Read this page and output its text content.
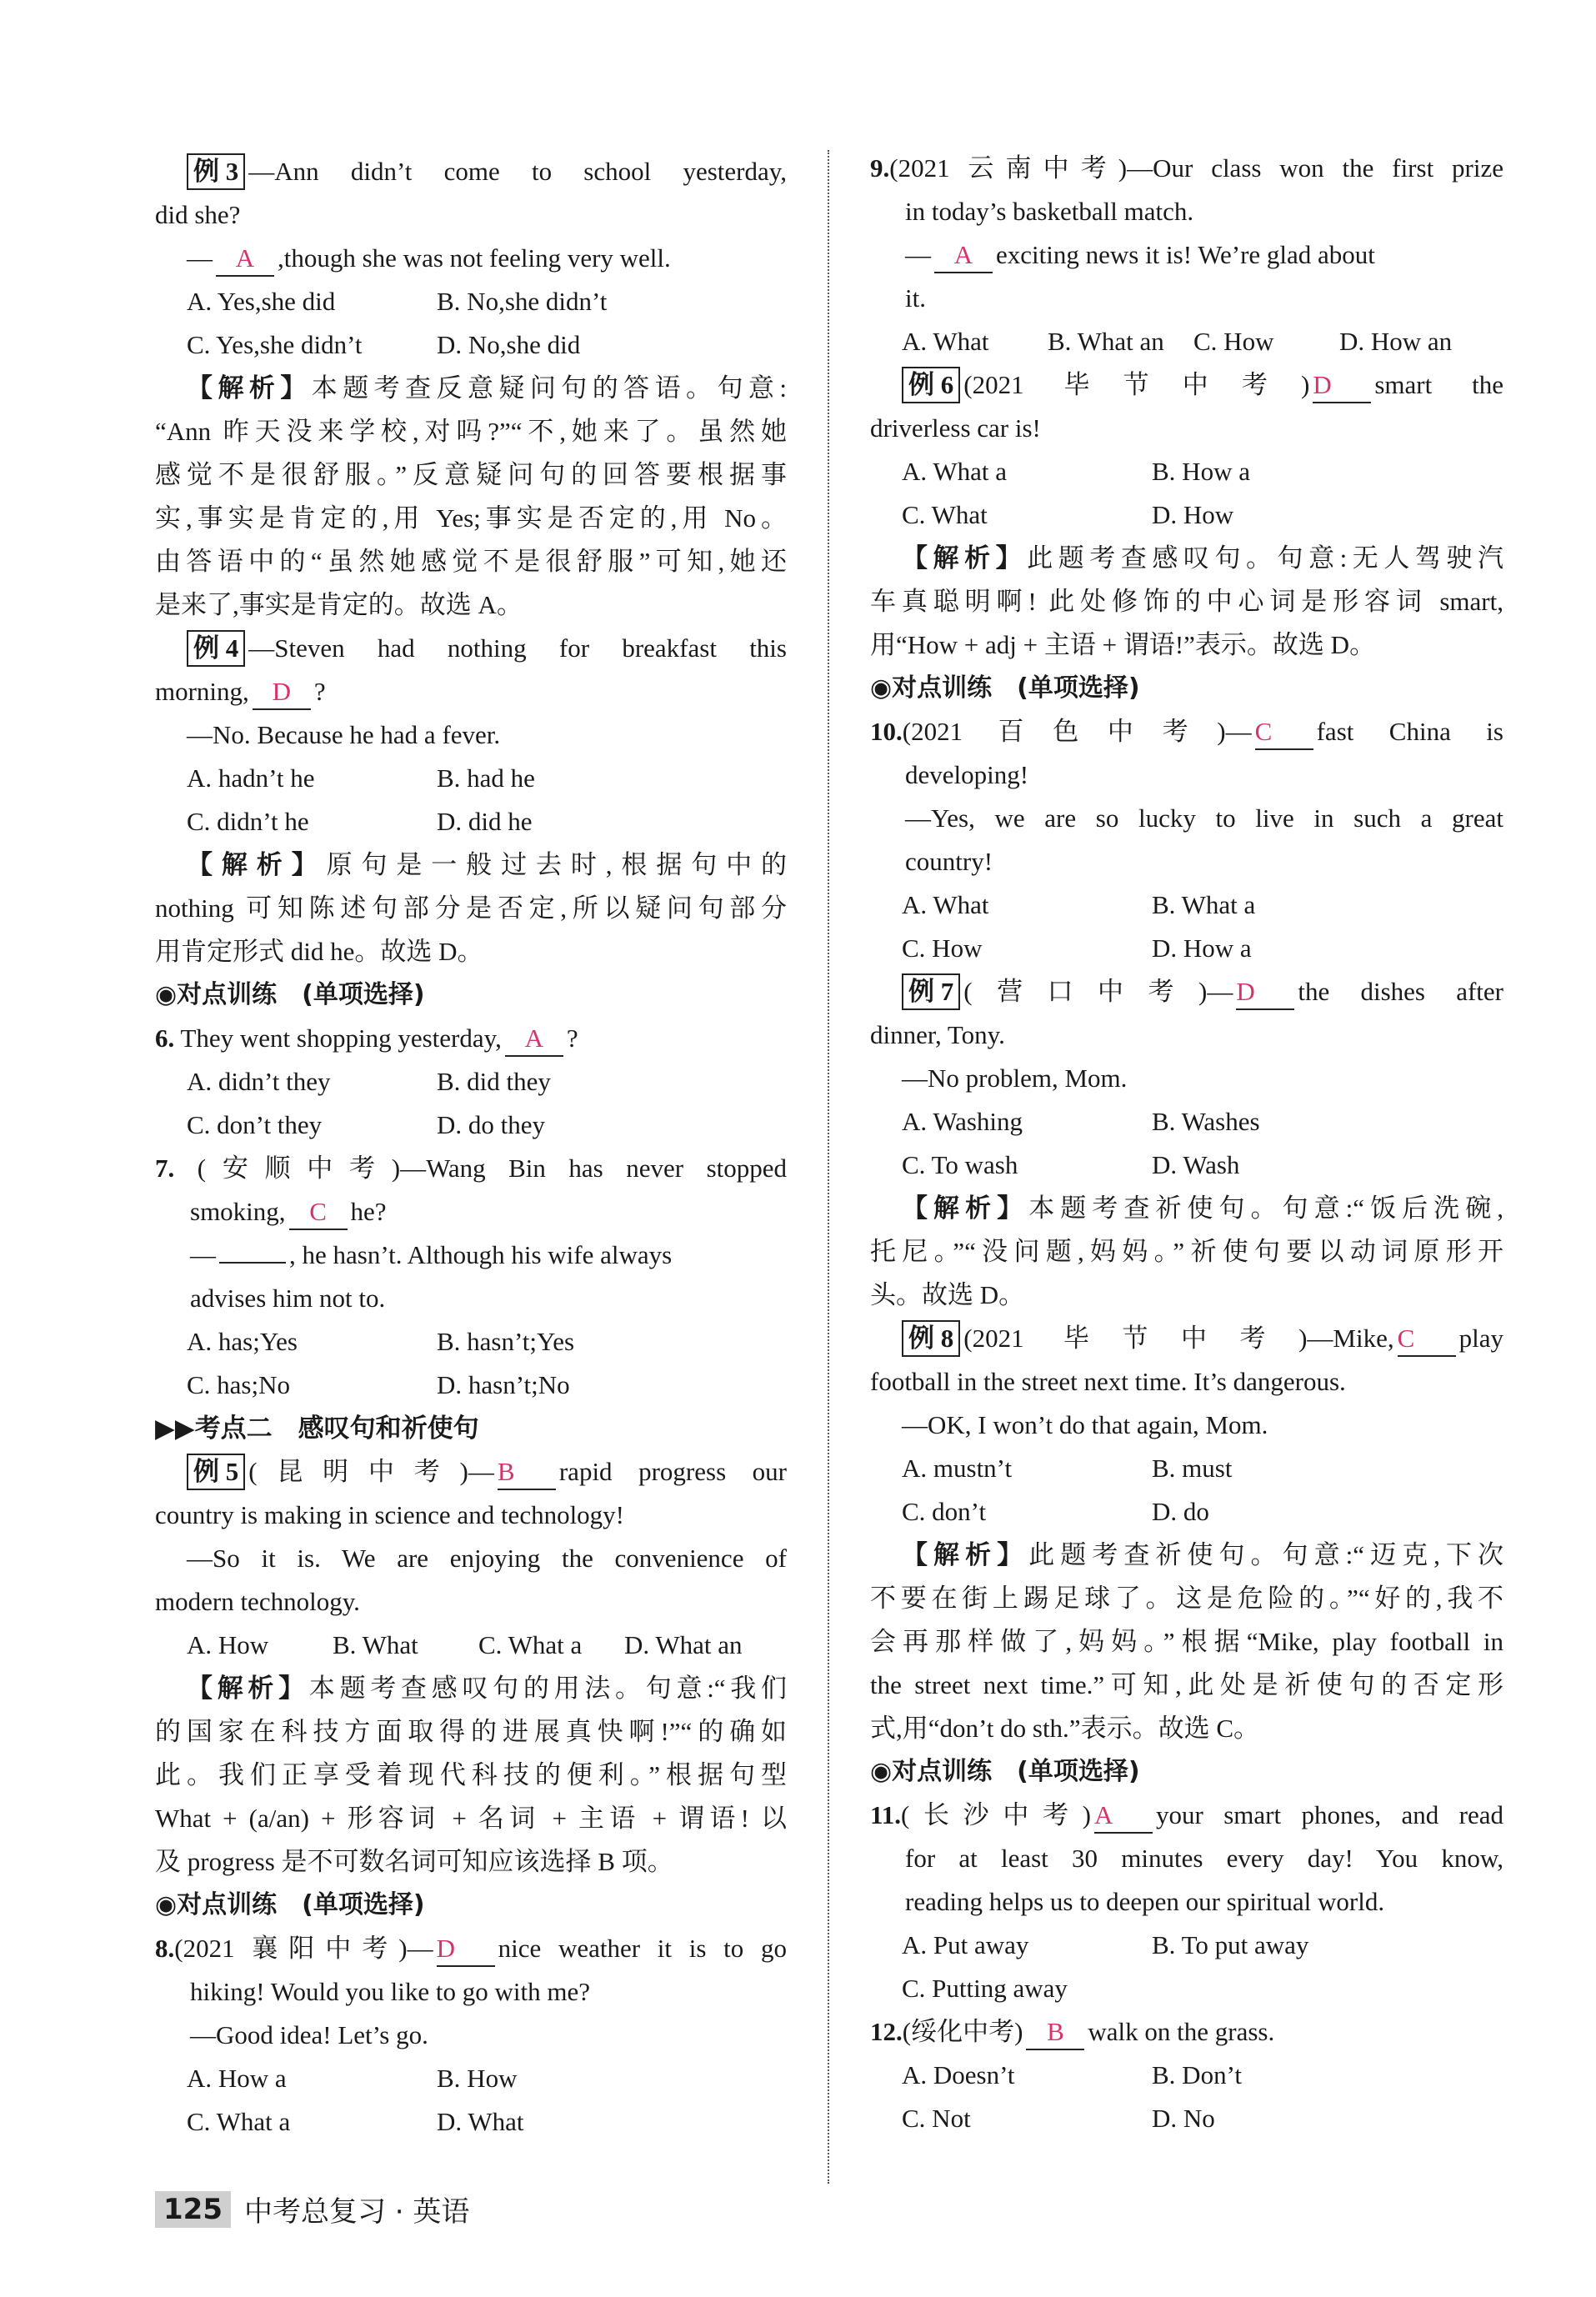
例 3 —Ann didn’t come to school yesterday,
did she?
— A ,though she was not feeling very well.
A. Yes,she did	B. No,she didn’t
C. Yes,she didn’t	D. No,she did
【解析】本题考查反意疑问句的答语。句意:
“Ann 昨天没来学校,对吗?”“不,她来了。虽然她
感觉不是很舒服。”反意疑问句的回答要根据事
实,事实是肯定的,用 Yes;事实是否定的,用 No。
由答语中的“虽然她感觉不是很舒服”可知,她还
是来了,事实是肯定的。故选 A。
例 4 —Steven had nothing for breakfast this
morning, D ?
—No. Because he had a fever.
A. hadn’t he	B. had he
C. didn’t he	D. did he
【解析】原句是一般过去时,根据句中的
nothing 可知陈述句部分是否定,所以疑问句部分
用肯定形式 did he。故选 D。
◉对点训练　(单项选择)
6. They went shopping yesterday, A ?
A. didn’t they	B. did they
C. don’t they	D. do they
7. (安顺中考)—Wang Bin has never stopped
smoking, C he?
—	, he hasn’t. Although his wife always
advises him not to.
A. has;Yes	B. hasn’t;Yes
C. has;No	D. hasn’t;No
▶▶考点二　感叹句和祈使句
例 5 (昆明中考)— B rapid progress our
country is making in science and technology!
—So it is. We are enjoying the convenience of
modern technology.
A. How	B. What	C. What a	D. What an
【解析】本题考查感叹句的用法。句意:“我们
的国家在科技方面取得的进展真快啊!”“的确如
此。我们正享受着现代科技的便利。”根据句型
What + (a/an) + 形容词 + 名词 + 主语 + 谓语! 以
及 progress 是不可数名词可知应该选择 B 项。
◉对点训练　(单项选择)
8.(2021 襄阳中考)— D nice weather it is to go
hiking! Would you like to go with me?
—Good idea! Let’s go.
A. How a	B. How
C. What a	D. What
9.(2021 云南中考)—Our class won the first prize
in today’s basketball match.
— A exciting news it is! We’re glad about
it.
A. What	B. What an	C. How	D. How an
例 6 (2021 毕节中考) D smart the
driverless car is!
A. What a	B. How a
C. What	D. How
【解析】此题考查感叹句。句意:无人驾驶汽
车真聪明啊! 此处修饰的中心词是形容词 smart,
用“How + adj + 主语 + 谓语!”表示。故选 D。
◉对点训练　(单项选择)
10.(2021 百色中考)— C fast China is
developing!
—Yes, we are so lucky to live in such a great
country!
A. What	B. What a
C. How	D. How a
例 7 (营口中考)— D the dishes after
dinner, Tony.
—No problem, Mom.
A. Washing	B. Washes
C. To wash	D. Wash
【解析】本题考查祈使句。句意:“饭后洗碗,
托尼。”“没问题,妈妈。”祈使句要以动词原形开
头。故选 D。
例 8 (2021 毕节中考)—Mike, C play
football in the street next time. It’s dangerous.
—OK, I won’t do that again, Mom.
A. mustn’t	B. must
C. don’t	D. do
【解析】此题考查祈使句。句意:“迈克,下次
不要在街上踢足球了。这是危险的。”“好的,我不
会再那样做了,妈妈。”根据“Mike, play football in
the street next time.”可知,此处是祈使句的否定形
式,用“don’t do sth.”表示。故选 C。
◉对点训练　(单项选择)
11.(长沙中考) A your smart phones, and read
for at least 30 minutes every day! You know,
reading helps us to deepen our spiritual world.
A. Put away	B. To put away
C. Putting away
12.(绥化中考) B walk on the grass.
A. Doesn’t	B. Don’t
C. Not	D. No
125 中考总复习 · 英语
